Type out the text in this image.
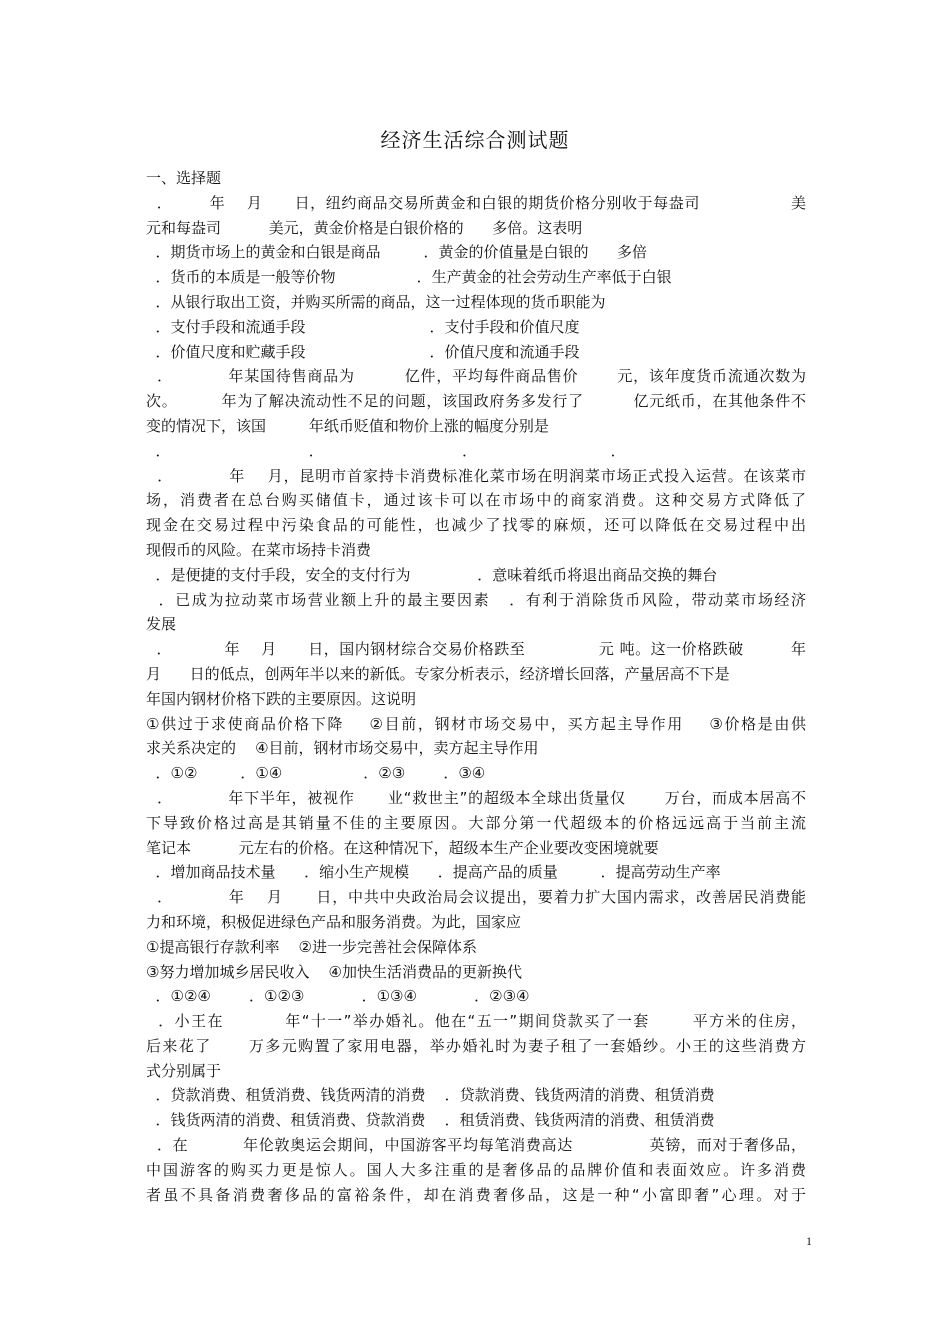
经济生活综合测试题
一、选择题
．       年    月      日，纽约商品交易所黄金和白银的期货价格分别收于每盎司                 美
元和每盎司          美元，黄金价格是白银价格的      多倍。这表明
．期货市场上的黄金和白银是商品         ．黄金的价值量是白银的      多倍
．货币的本质是一般等价物                 ．生产黄金的社会劳动生产率低于白银
．从银行取出工资，并购买所需的商品，这一过程体现的货币职能为
．支付手段和流通手段                          ．支付手段和价值尺度
．价值尺度和贮藏手段                          ．价值尺度和流通手段
．          年某国待售商品为         亿件，平均每件商品售价       元，该年度货币流通次数为
次。        年为了解决流动性不足的问题，该国政府务多发行了         亿元纸币，在其他条件不
变的情况下，该国         年纸币贬值和物价上涨的幅度分别是
．                             ．                             ．                            ．
．          年    月，昆明市首家持卡消费标准化菜市场在明润菜市场正式投入运营。在该菜市
场，消费者在总台购买储值卡，通过该卡可以在市场中的商家消费。这种交易方式降低了
现金在交易过程中污染食品的可能性，也减少了找零的麻烦，还可以降低在交易过程中出
现假币的风险。在菜市场持卡消费
．是便捷的支付手段，安全的支付行为              ．意味着纸币将退出商品交换的舞台
．已成为拉动菜市场营业额上升的最主要因素   ．有利于消除货币风险，带动菜市场经济
发展
．          年    月      日，国内钢材综合交易价格跌至              元 吨。这一价格跌破         年
月      日的低点，创两年半以来的新低。专家分析表示，经济增长回落，产量居高不下是
年国内钢材价格下跌的主要原因。这说明
①供过于求使商品价格下降    ②目前，钢材市场交易中，买方起主导作用    ③价格是由供
求关系决定的    ④目前，钢材市场交易中，卖方起主导作用
．①②         ．①④                 ．②③        ．③④
．          年下半年，被视作      业“救世主”的超级本全球出货量仅       万台，而成本居高不
下导致价格过高是其销量不佳的主要原因。大部分第一代超级本的价格远远高于当前主流
笔记本          元左右的价格。在这种情况下，超级本生产企业要改变困境就要
．增加商品技术量      ．缩小生产规模      ．提高产品的质量         ．提高劳动生产率
．          年    月      日，中共中央政治局会议提出，要着力扩大国内需求，改善居民消费能
力和环境，积极促进绿色产品和服务消费。为此，国家应
①提高银行存款利率    ②进一步完善社会保障体系
③努力增加城乡居民收入    ④加快生活消费品的更新换代
．①②④        ．①②③            ．①③④            ．②③④
．小王在          年“十一”举办婚礼。他在“五一”期间贷款买了一套       平方米的住房，
后来花了      万多元购置了家用电器，举办婚礼时为妻子租了一套婚纱。小王的这些消费方
式分别属于
．贷款消费、租赁消费、钱货两清的消费    ．贷款消费、钱货两清的消费、租赁消费
．钱货两清的消费、租赁消费、贷款消费    ．租赁消费、钱货两清的消费、租赁消费
．在          年伦敦奥运会期间，中国游客平均每笔消费高达              英镑，而对于奢侈品，
中国游客的购买力更是惊人。国人大多注重的是奢侈品的品牌价值和表面效应。许多消费
者虽不具备消费奢侈品的富裕条件，却在消费奢侈品，这是一种“小富即奢”心理。对于
1
